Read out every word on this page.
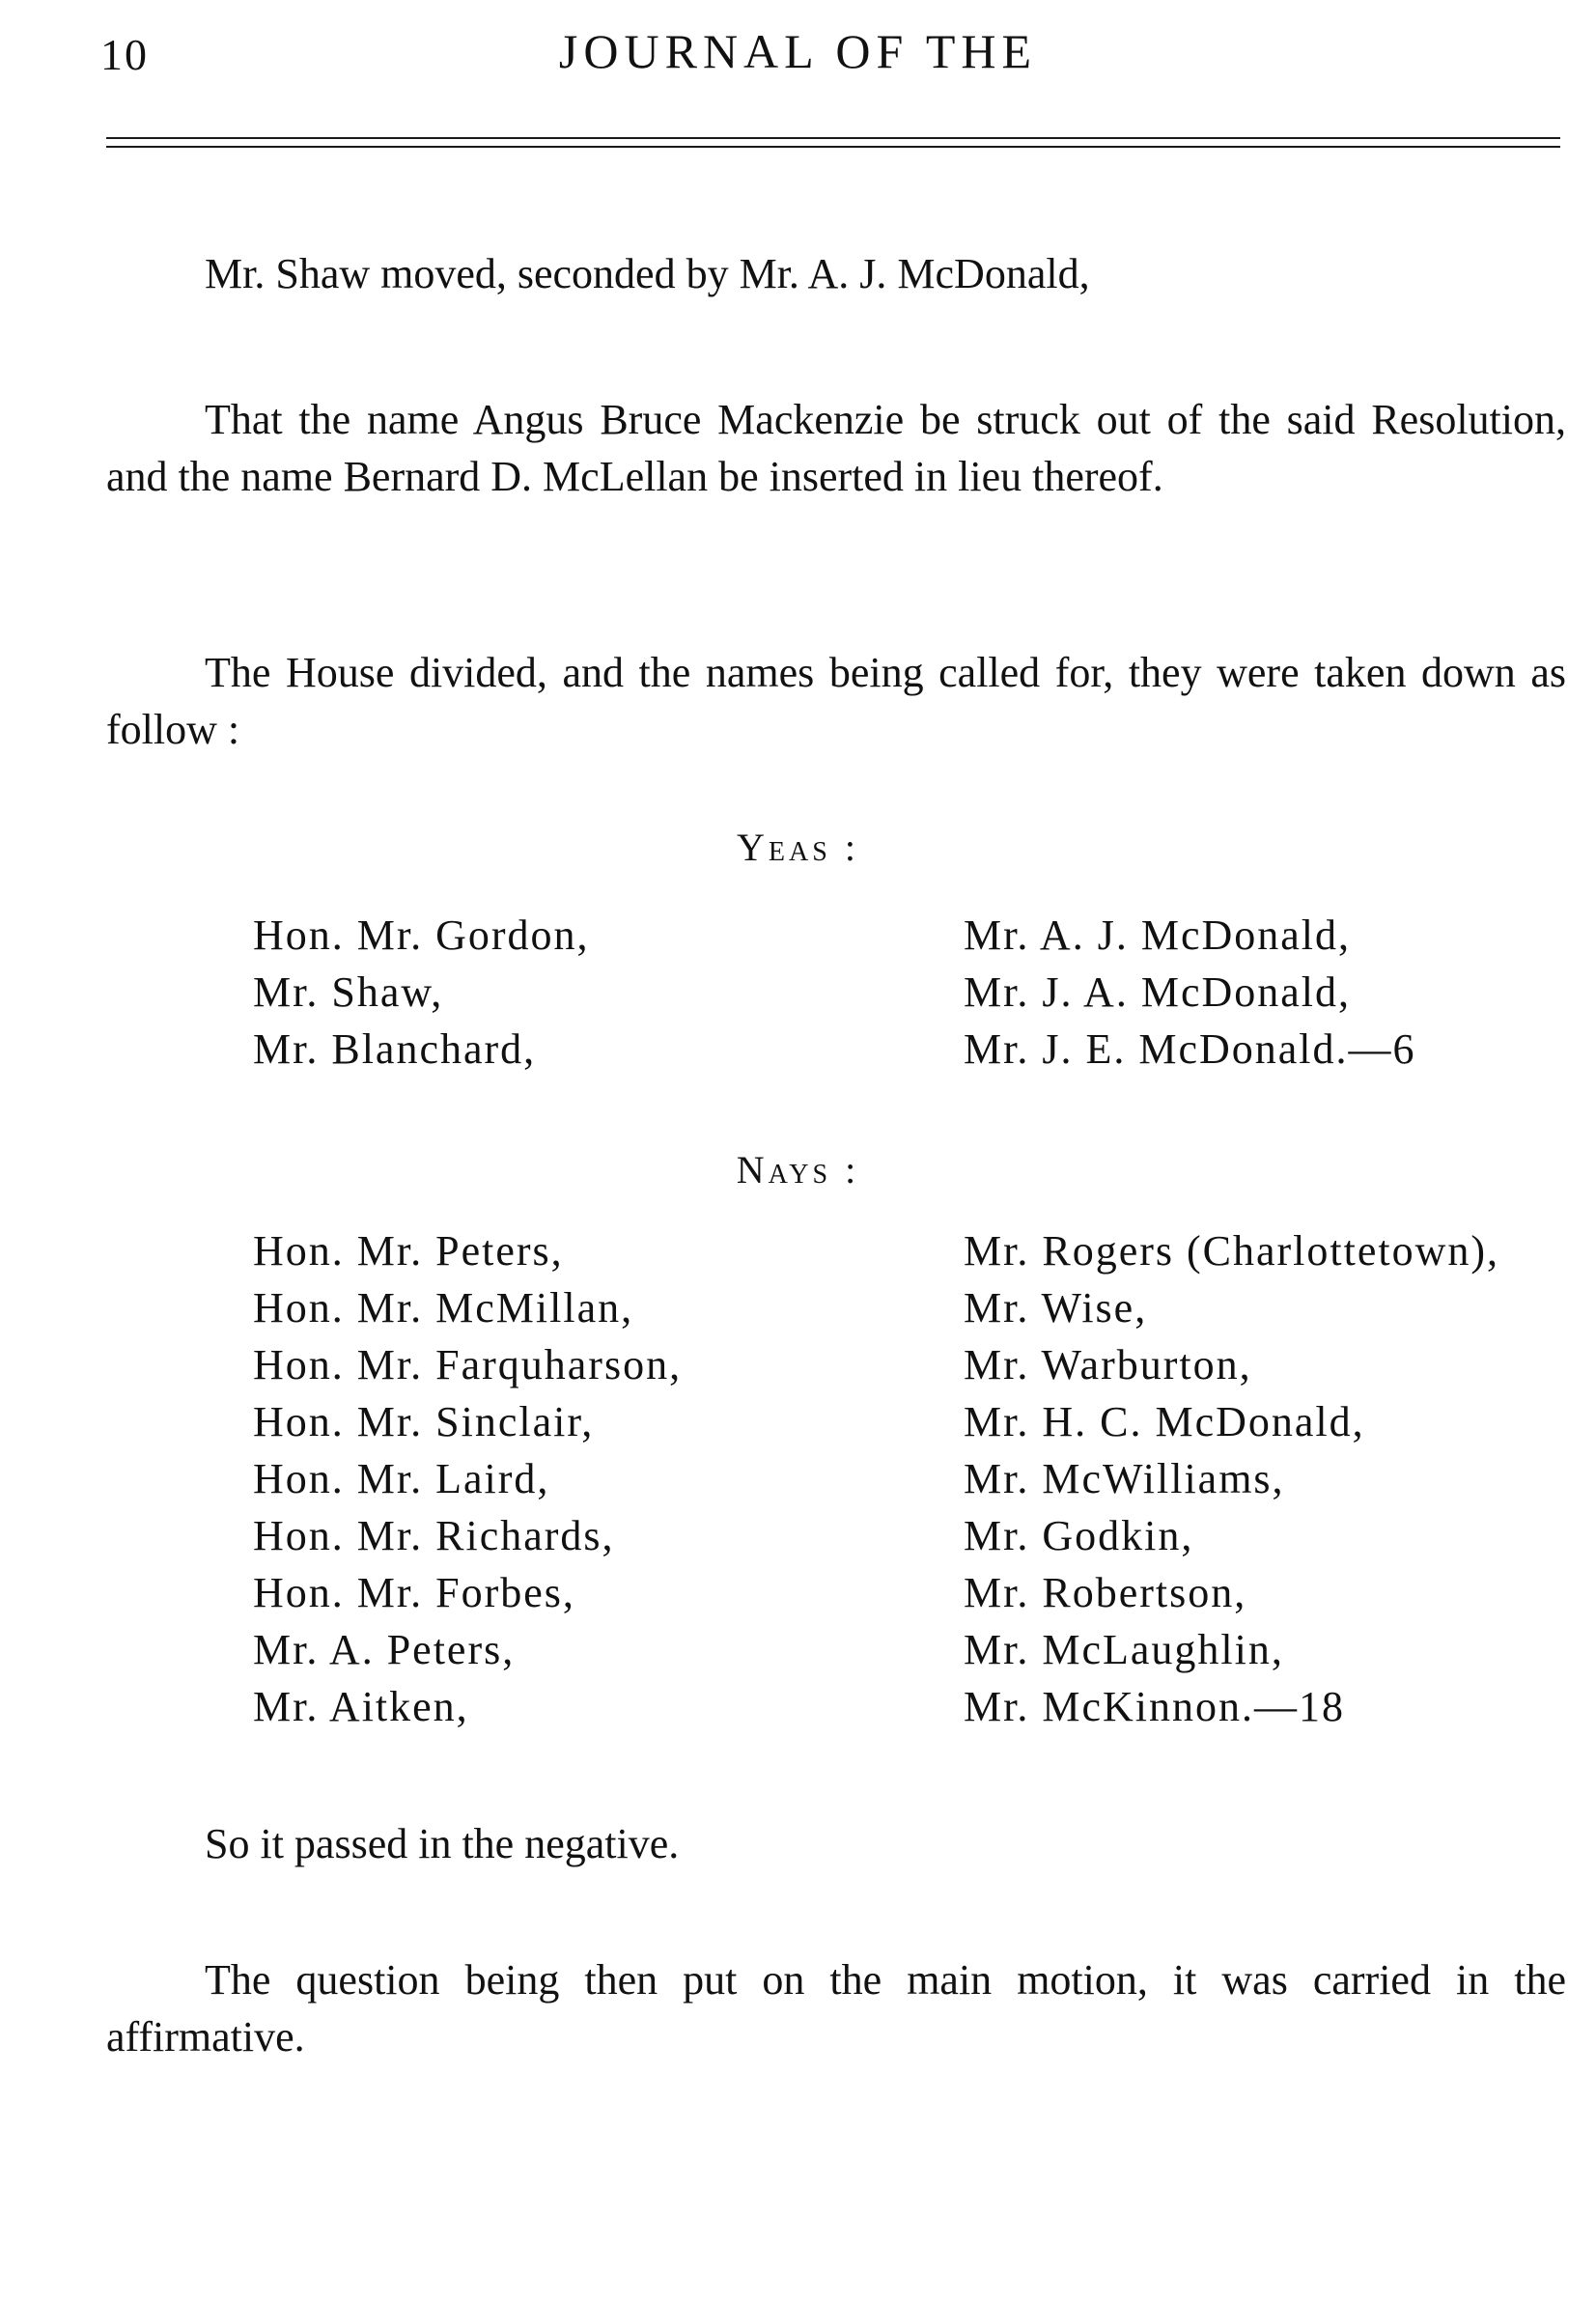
10	JOURNAL OF THE

Mr. Shaw moved, seconded by Mr. A. J. McDonald,

That the name Angus Bruce Mackenzie be struck out of the said Resolution, and the name Bernard D. McLellan be inserted in lieu thereof.

The House divided, and the names being called for, they were taken down as follow :

Yeas :
Hon. Mr. Gordon,
Mr. Shaw,
Mr. Blanchard,
Mr. A. J. McDonald,
Mr. J. A. McDonald,
Mr. J. E. McDonald.—6
Nays :
Hon. Mr. Peters,
Hon. Mr. McMillan,
Hon. Mr. Farquharson,
Hon. Mr. Sinclair,
Hon. Mr. Laird,
Hon. Mr. Richards,
Hon. Mr. Forbes,
Mr. A. Peters,
Mr. Aitken,
Mr. Rogers (Charlottetown),
Mr. Wise,
Mr. Warburton,
Mr. H. C. McDonald,
Mr. McWilliams,
Mr. Godkin,
Mr. Robertson,
Mr. McLaughlin,
Mr. McKinnon.—18

So it passed in the negative.

The question being then put on the main motion, it was carried in the affirmative.
